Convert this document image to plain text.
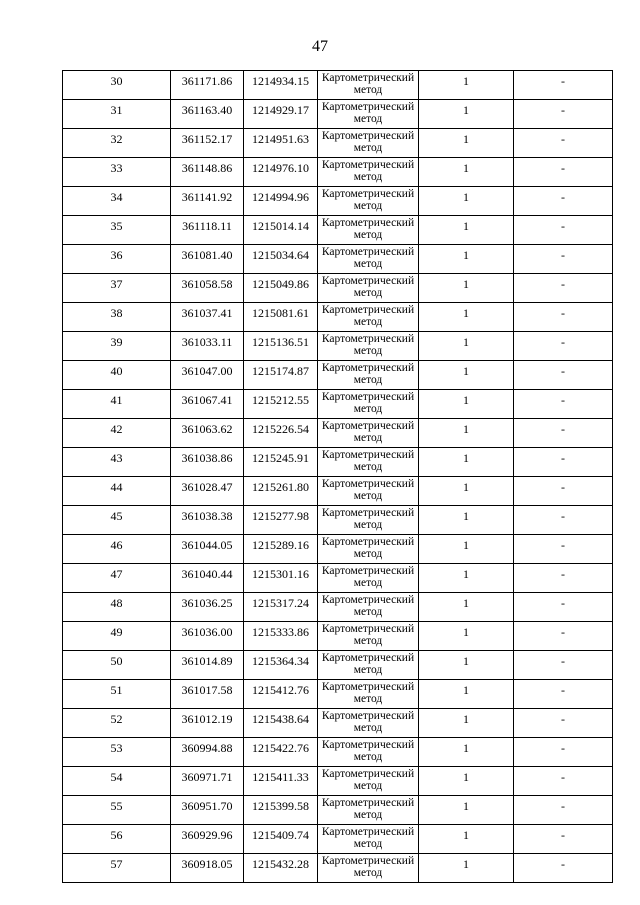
47
30	361171.86	1214934.15	Картометрический метод	1	-
31	361163.40	1214929.17	Картометрический метод	1	-
32	361152.17	1214951.63	Картометрический метод	1	-
33	361148.86	1214976.10	Картометрический метод	1	-
34	361141.92	1214994.96	Картометрический метод	1	-
35	361118.11	1215014.14	Картометрический метод	1	-
36	361081.40	1215034.64	Картометрический метод	1	-
37	361058.58	1215049.86	Картометрический метод	1	-
38	361037.41	1215081.61	Картометрический метод	1	-
39	361033.11	1215136.51	Картометрический метод	1	-
40	361047.00	1215174.87	Картометрический метод	1	-
41	361067.41	1215212.55	Картометрический метод	1	-
42	361063.62	1215226.54	Картометрический метод	1	-
43	361038.86	1215245.91	Картометрический метод	1	-
44	361028.47	1215261.80	Картометрический метод	1	-
45	361038.38	1215277.98	Картометрический метод	1	-
46	361044.05	1215289.16	Картометрический метод	1	-
47	361040.44	1215301.16	Картометрический метод	1	-
48	361036.25	1215317.24	Картометрический метод	1	-
49	361036.00	1215333.86	Картометрический метод	1	-
50	361014.89	1215364.34	Картометрический метод	1	-
51	361017.58	1215412.76	Картометрический метод	1	-
52	361012.19	1215438.64	Картометрический метод	1	-
53	360994.88	1215422.76	Картометрический метод	1	-
54	360971.71	1215411.33	Картометрический метод	1	-
55	360951.70	1215399.58	Картометрический метод	1	-
56	360929.96	1215409.74	Картометрический метод	1	-
57	360918.05	1215432.28	Картометрический метод	1	-
